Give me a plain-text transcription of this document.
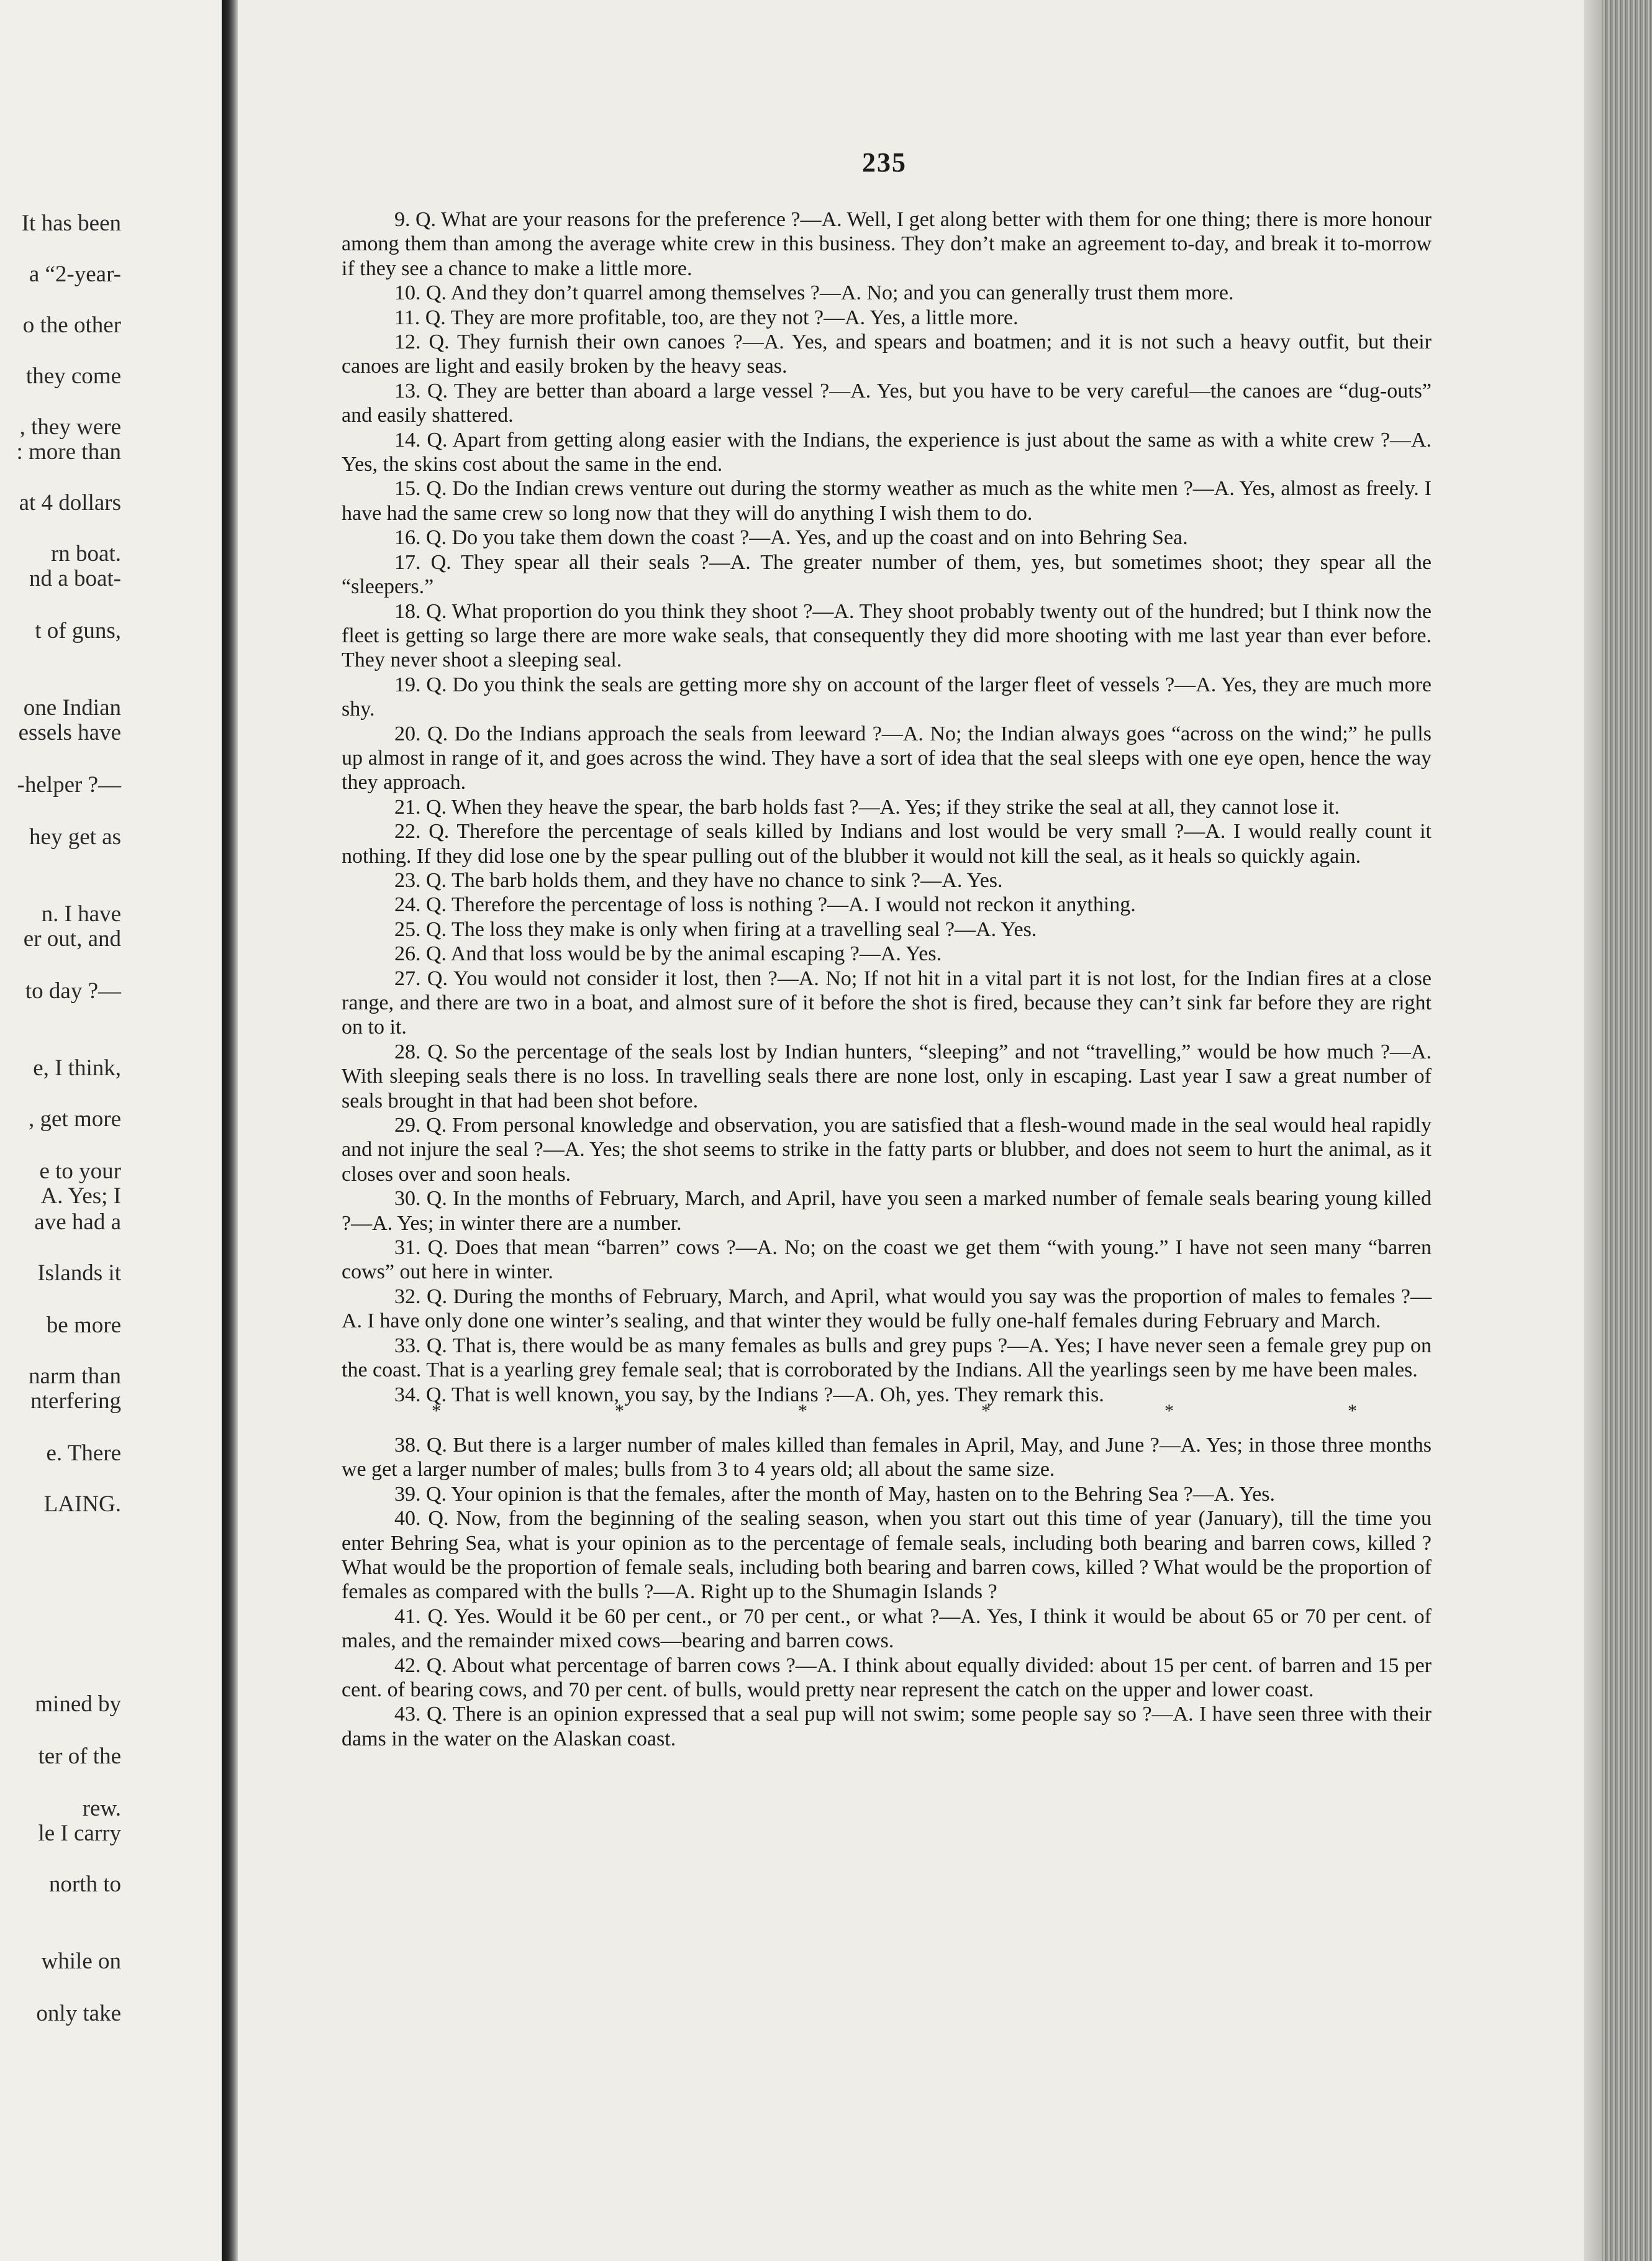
It has been
a “2-year-
o the other
they come
, they were
: more than
at 4 dollars
rn boat.
nd a boat-
t of guns,
one Indian
essels have
-helper ?—
hey get as
n. I have
er out, and
to day ?—
e, I think,
, get more
e to your
A. Yes; I
ave had a
Islands it
be more
narm than
nterfering
e. There
LAING.
mined by
ter of the
rew.
le I carry
north to
while on
only take
235

9. Q. What are your reasons for the preference ?—A. Well, I get along better with them for one thing; there is more honour among them than among the average white crew in this business. They don’t make an agreement to-day, and break it to-morrow if they see a chance to make a little more.

10. Q. And they don’t quarrel among themselves ?—A. No; and you can generally trust them more.

11. Q. They are more profitable, too, are they not ?—A. Yes, a little more.

12. Q. They furnish their own canoes ?—A. Yes, and spears and boatmen; and it is not such a heavy outfit, but their canoes are light and easily broken by the heavy seas.

13. Q. They are better than aboard a large vessel ?—A. Yes, but you have to be very careful—the canoes are “dug-outs” and easily shattered.

14. Q. Apart from getting along easier with the Indians, the experience is just about the same as with a white crew ?—A. Yes, the skins cost about the same in the end.

15. Q. Do the Indian crews venture out during the stormy weather as much as the white men ?—A. Yes, almost as freely. I have had the same crew so long now that they will do anything I wish them to do.

16. Q. Do you take them down the coast ?—A. Yes, and up the coast and on into Behring Sea.

17. Q. They spear all their seals ?—A. The greater number of them, yes, but sometimes shoot; they spear all the “sleepers.”

18. Q. What proportion do you think they shoot ?—A. They shoot probably twenty out of the hundred; but I think now the fleet is getting so large there are more wake seals, that consequently they did more shooting with me last year than ever before. They never shoot a sleeping seal.

19. Q. Do you think the seals are getting more shy on account of the larger fleet of vessels ?—A. Yes, they are much more shy.

20. Q. Do the Indians approach the seals from leeward ?—A. No; the Indian always goes “across on the wind;” he pulls up almost in range of it, and goes across the wind. They have a sort of idea that the seal sleeps with one eye open, hence the way they approach.

21. Q. When they heave the spear, the barb holds fast ?—A. Yes; if they strike the seal at all, they cannot lose it.

22. Q. Therefore the percentage of seals killed by Indians and lost would be very small ?—A. I would really count it nothing. If they did lose one by the spear pulling out of the blubber it would not kill the seal, as it heals so quickly again.

23. Q. The barb holds them, and they have no chance to sink ?—A. Yes.

24. Q. Therefore the percentage of loss is nothing ?—A. I would not reckon it anything.

25. Q. The loss they make is only when firing at a travelling seal ?—A. Yes.

26. Q. And that loss would be by the animal escaping ?—A. Yes.

27. Q. You would not consider it lost, then ?—A. No; If not hit in a vital part it is not lost, for the Indian fires at a close range, and there are two in a boat, and almost sure of it before the shot is fired, because they can’t sink far before they are right on to it.

28. Q. So the percentage of the seals lost by Indian hunters, “sleeping” and not “travelling,” would be how much ?—A. With sleeping seals there is no loss. In travelling seals there are none lost, only in escaping. Last year I saw a great number of seals brought in that had been shot before.

29. Q. From personal knowledge and observation, you are satisfied that a flesh-wound made in the seal would heal rapidly and not injure the seal ?—A. Yes; the shot seems to strike in the fatty parts or blubber, and does not seem to hurt the animal, as it closes over and soon heals.

30. Q. In the months of February, March, and April, have you seen a marked number of female seals bearing young killed ?—A. Yes; in winter there are a number.

31. Q. Does that mean “barren” cows ?—A. No; on the coast we get them “with young.” I have not seen many “barren cows” out here in winter.

32. Q. During the months of February, March, and April, what would you say was the proportion of males to females ?—A. I have only done one winter’s sealing, and that winter they would be fully one-half females during February and March.

33. Q. That is, there would be as many females as bulls and grey pups ?—A. Yes; I have never seen a female grey pup on the coast. That is a yearling grey female seal; that is corroborated by the Indians. All the yearlings seen by me have been males.

34. Q. That is well known, you say, by the Indians ?—A. Oh, yes. They remark this.

*	*	*	*	*	*

38. Q. But there is a larger number of males killed than females in April, May, and June ?—A. Yes; in those three months we get a larger number of males; bulls from 3 to 4 years old; all about the same size.

39. Q. Your opinion is that the females, after the month of May, hasten on to the Behring Sea ?—A. Yes.

40. Q. Now, from the beginning of the sealing season, when you start out this time of year (January), till the time you enter Behring Sea, what is your opinion as to the percentage of female seals, including both bearing and barren cows, killed ? What would be the proportion of female seals, including both bearing and barren cows, killed ? What would be the proportion of females as compared with the bulls ?—A. Right up to the Shumagin Islands ?

41. Q. Yes. Would it be 60 per cent., or 70 per cent., or what ?—A. Yes, I think it would be about 65 or 70 per cent. of males, and the remainder mixed cows—bearing and barren cows.

42. Q. About what percentage of barren cows ?—A. I think about equally divided: about 15 per cent. of barren and 15 per cent. of bearing cows, and 70 per cent. of bulls, would pretty near represent the catch on the upper and lower coast.

43. Q. There is an opinion expressed that a seal pup will not swim; some people say so ?—A. I have seen three with their dams in the water on the Alaskan coast.
